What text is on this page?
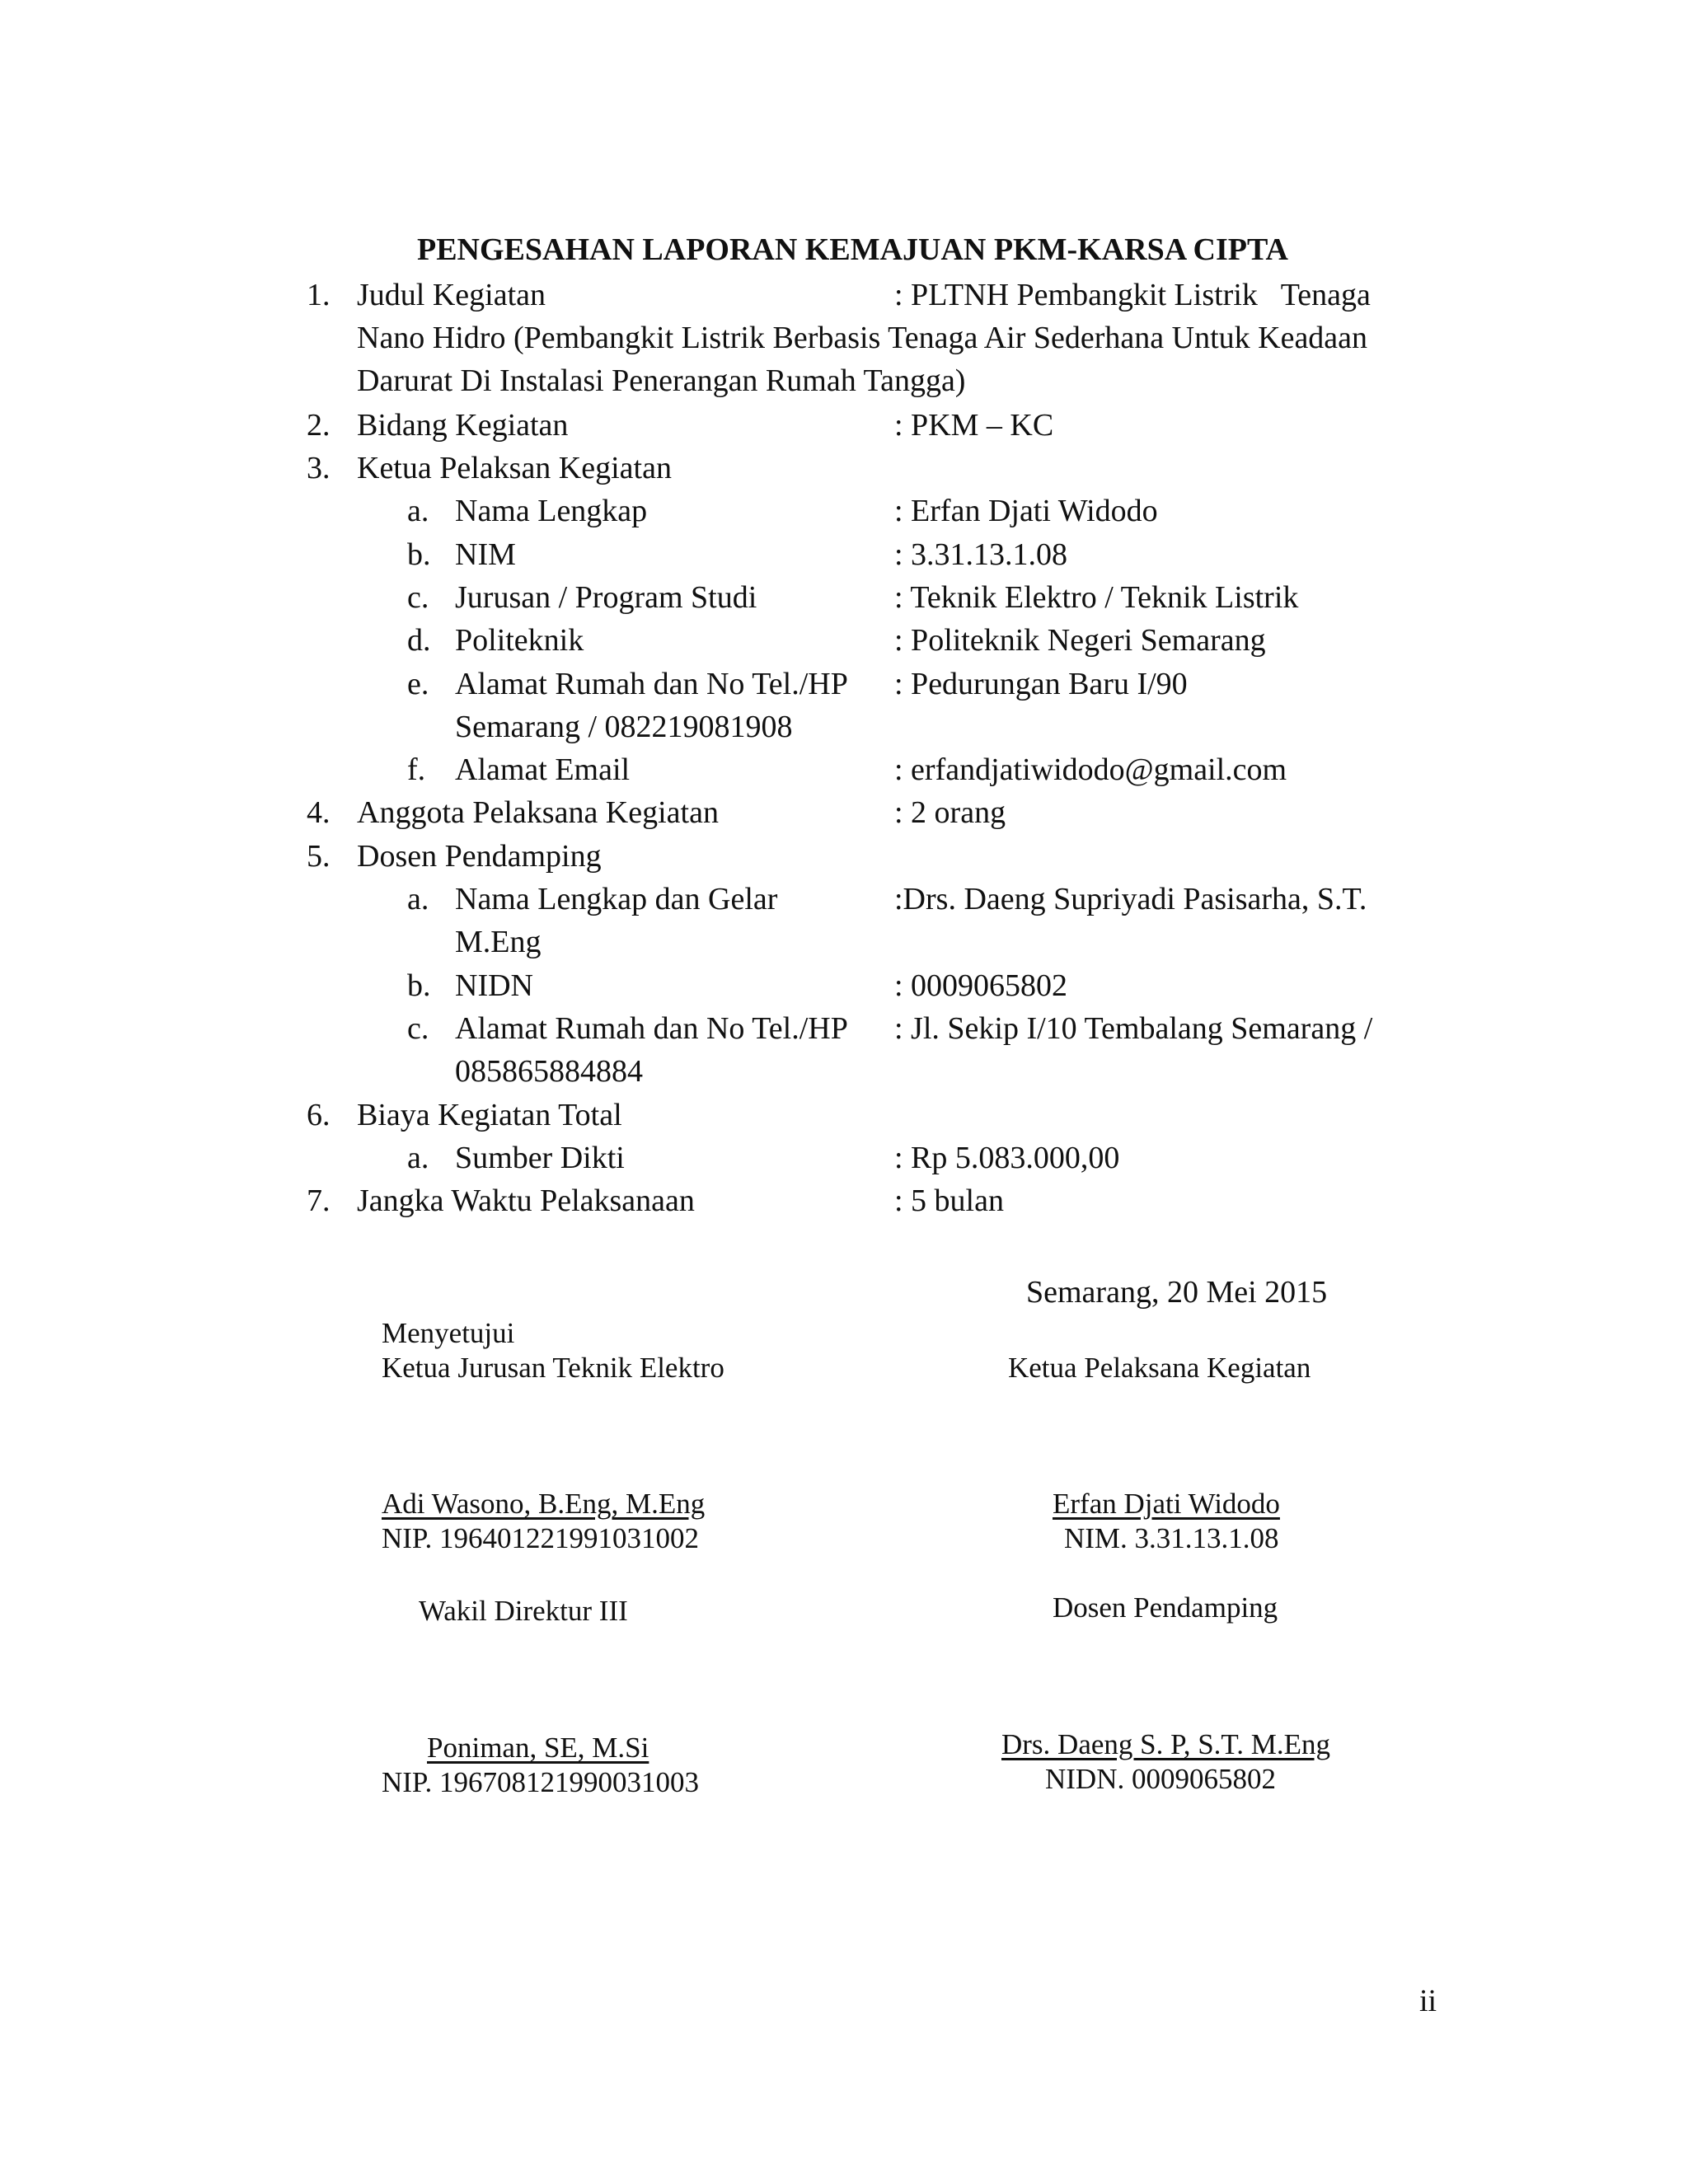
PENGESAHAN LAPORAN KEMAJUAN PKM-KARSA CIPTA
1. Judul Kegiatan	: PLTNH Pembangkit Listrik   Tenaga
Nano Hidro (Pembangkit Listrik Berbasis Tenaga Air Sederhana Untuk Keadaan
Darurat Di Instalasi Penerangan Rumah Tangga)
2. Bidang Kegiatan	: PKM – KC
3. Ketua Pelaksan Kegiatan
a. Nama Lengkap	: Erfan Djati Widodo
b. NIM	: 3.31.13.1.08
c. Jurusan / Program Studi	: Teknik Elektro / Teknik Listrik
d. Politeknik	: Politeknik Negeri Semarang
e. Alamat Rumah dan No Tel./HP : Pedurungan Baru I/90
Semarang / 082219081908
f. Alamat Email	: erfandjatiwidodo@gmail.com
4. Anggota Pelaksana Kegiatan	: 2 orang
5. Dosen Pendamping
a. Nama Lengkap dan Gelar	:Drs. Daeng Supriyadi Pasisarha, S.T.
M.Eng
b. NIDN	: 0009065802
c. Alamat Rumah dan No Tel./HP : Jl. Sekip I/10 Tembalang Semarang /
085865884884
6. Biaya Kegiatan Total
a. Sumber Dikti	: Rp 5.083.000,00
7. Jangka Waktu Pelaksanaan	: 5 bulan
Semarang, 20 Mei 2015
Menyetujui
Ketua Jurusan Teknik Elektro	Ketua Pelaksana Kegiatan
Adi Wasono, B.Eng, M.Eng
NIP. 196401221991031002
Erfan Djati Widodo
NIM. 3.31.13.1.08
Wakil Direktur III	Dosen Pendamping
Poniman, SE, M.Si
NIP. 196708121990031003
Drs. Daeng S. P, S.T. M.Eng
NIDN. 0009065802
ii
